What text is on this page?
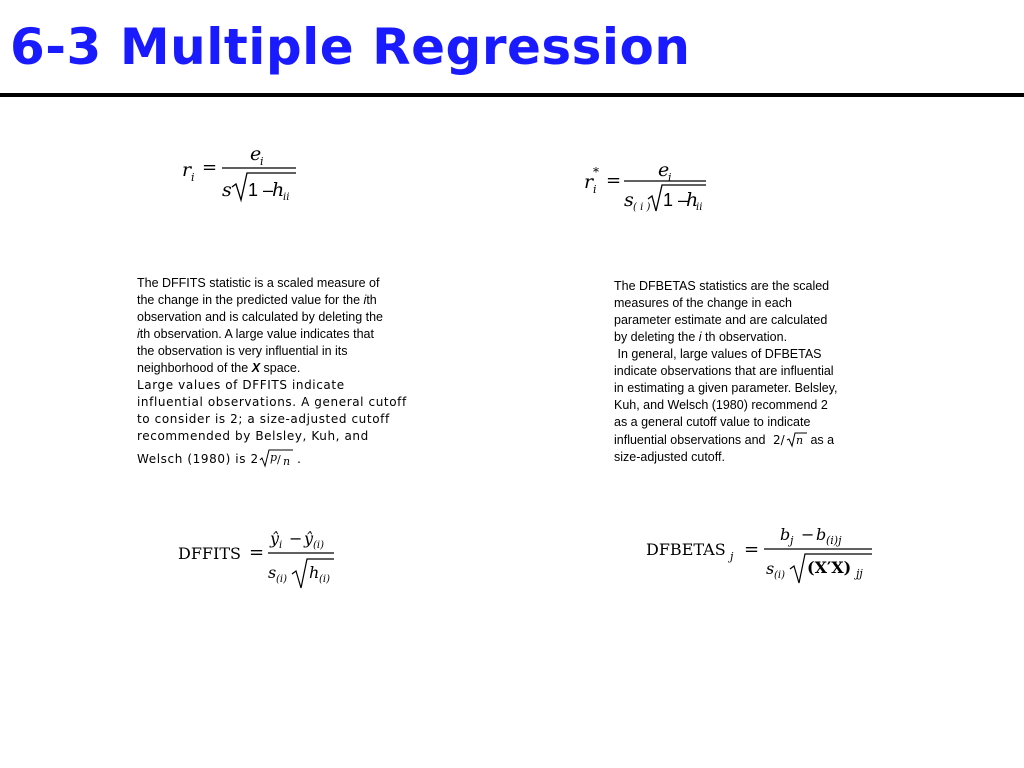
6-3 Multiple Regression
r i =
e
i
s 1 –
h
ii
r i
* = e
i
s ( i ) 1 –
h
ii

The DFFITS statistic is a scaled measure of

the change in the predicted value for the ith

observation and is calculated by deleting the

ith observation. A large value indicates that

the observation is very influential in its

neighborhood of the X space.

Large values of DFFITS indicate

influential observations. A general cutoff

to consider is 2; a size-adjusted cutoff

recommended by Belsley, Kuh, and

Welsch (1980) is 2 p / n .

The DFBETAS statistics are the scaled

measures of the change in each

parameter estimate and are calculated

by deleting the i th observation.

In general, large values of DFBETAS

indicate observations that are influential

in estimating a given parameter. Belsley,

Kuh, and Welsch (1980) recommend 2

as a general cutoff value to indicate

influential observations and 2/ n as a

size-adjusted cutoff.

DFFITS =
ŷ i − ŷ (i)
s (i) h (i)
DFBETAS j =
b j − b (i)j
s (i) (X′X) jj
